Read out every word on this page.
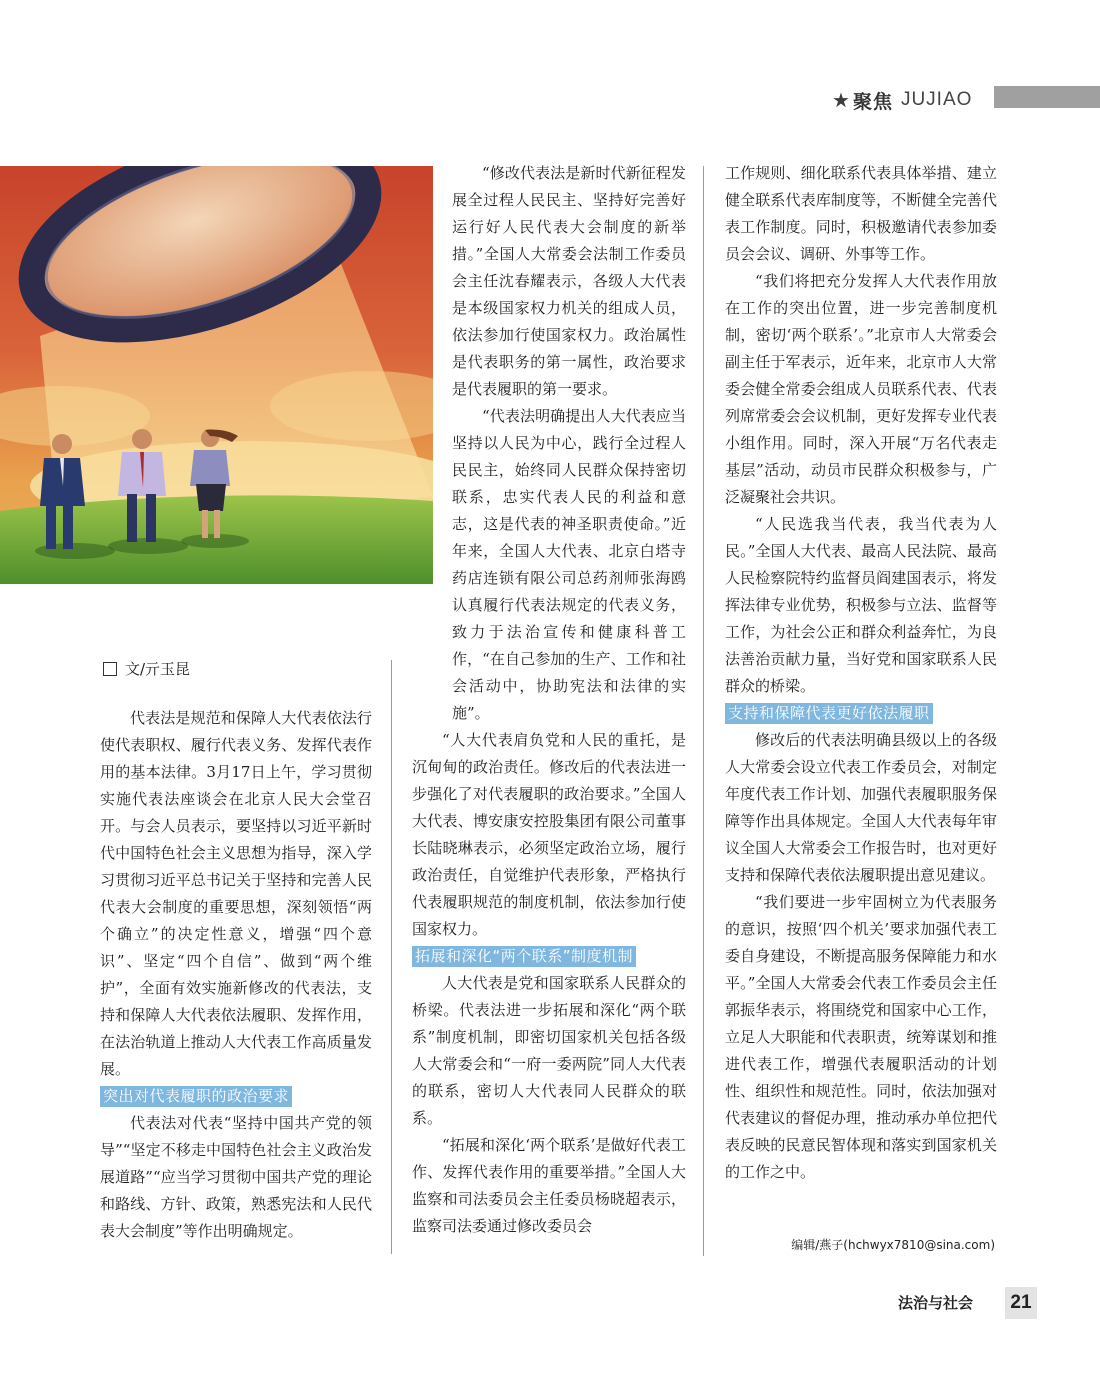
★ 聚焦 JUJIAO
文/亓玉昆

代表法是规范和保障人大代表依法行使代表职权、履行代表义务、发挥代表作用的基本法律。3月17日上午，学习贯彻实施代表法座谈会在北京人民大会堂召开。与会人员表示，要坚持以习近平新时代中国特色社会主义思想为指导，深入学习贯彻习近平总书记关于坚持和完善人民代表大会制度的重要思想，深刻领悟“两个确立”的决定性意义，增强“四个意识”、坚定“四个自信”、做到“两个维护”，全面有效实施新修改的代表法，支持和保障人大代表依法履职、发挥作用，在法治轨道上推动人大代表工作高质量发展。

突出对代表履职的政治要求

代表法对代表“坚持中国共产党的领导”“坚定不移走中国特色社会主义政治发展道路”“应当学习贯彻中国共产党的理论和路线、方针、政策，熟悉宪法和人民代表大会制度”等作出明确规定。

“修改代表法是新时代新征程发展全过程人民民主、坚持好完善好运行好人民代表大会制度的新举措。”全国人大常委会法制工作委员会主任沈春耀表示，各级人大代表是本级国家权力机关的组成人员，依法参加行使国家权力。政治属性是代表职务的第一属性，政治要求是代表履职的第一要求。

“代表法明确提出人大代表应当坚持以人民为中心，践行全过程人民民主，始终同人民群众保持密切联系，忠实代表人民的利益和意志，这是代表的神圣职责使命。”近年来，全国人大代表、北京白塔寺药店连锁有限公司总药剂师张海鸥认真履行代表法规定的代表义务，致力于法治宣传和健康科普工作，“在自己参加的生产、工作和社会活动中，协助宪法和法律的实施”。

“人大代表肩负党和人民的重托，是沉甸甸的政治责任。修改后的代表法进一步强化了对代表履职的政治要求。”全国人大代表、博安康安控股集团有限公司董事长陆晓琳表示，必须坚定政治立场，履行政治责任，自觉维护代表形象，严格执行代表履职规范的制度机制，依法参加行使国家权力。

拓展和深化“两个联系”制度机制

人大代表是党和国家联系人民群众的桥梁。代表法进一步拓展和深化“两个联系”制度机制，即密切国家机关包括各级人大常委会和“一府一委两院”同人大代表的联系，密切人大代表同人民群众的联系。

“拓展和深化‘两个联系’是做好代表工作、发挥代表作用的重要举措。”全国人大监察和司法委员会主任委员杨晓超表示，监察司法委通过修改委员会

工作规则、细化联系代表具体举措、建立健全联系代表库制度等，不断健全完善代表工作制度。同时，积极邀请代表参加委员会会议、调研、外事等工作。

“我们将把充分发挥人大代表作用放在工作的突出位置，进一步完善制度机制，密切‘两个联系’。”北京市人大常委会副主任于军表示，近年来，北京市人大常委会健全常委会组成人员联系代表、代表列席常委会会议机制，更好发挥专业代表小组作用。同时，深入开展“万名代表走基层”活动，动员市民群众积极参与，广泛凝聚社会共识。

“人民选我当代表，我当代表为人民。”全国人大代表、最高人民法院、最高人民检察院特约监督员阎建国表示，将发挥法律专业优势，积极参与立法、监督等工作，为社会公正和群众利益奔忙，为良法善治贡献力量，当好党和国家联系人民群众的桥梁。

支持和保障代表更好依法履职

修改后的代表法明确县级以上的各级人大常委会设立代表工作委员会，对制定年度代表工作计划、加强代表履职服务保障等作出具体规定。全国人大代表每年审议全国人大常委会工作报告时，也对更好支持和保障代表依法履职提出意见建议。

“我们要进一步牢固树立为代表服务的意识，按照‘四个机关’要求加强代表工委自身建设，不断提高服务保障能力和水平。”全国人大常委会代表工作委员会主任郭振华表示，将围绕党和国家中心工作，立足人大职能和代表职责，统筹谋划和推进代表工作，增强代表履职活动的计划性、组织性和规范性。同时，依法加强对代表建议的督促办理，推动承办单位把代表反映的民意民智体现和落实到国家机关的工作之中。

编辑/燕子(hchwyx7810@sina.com)
法治与社会 21
